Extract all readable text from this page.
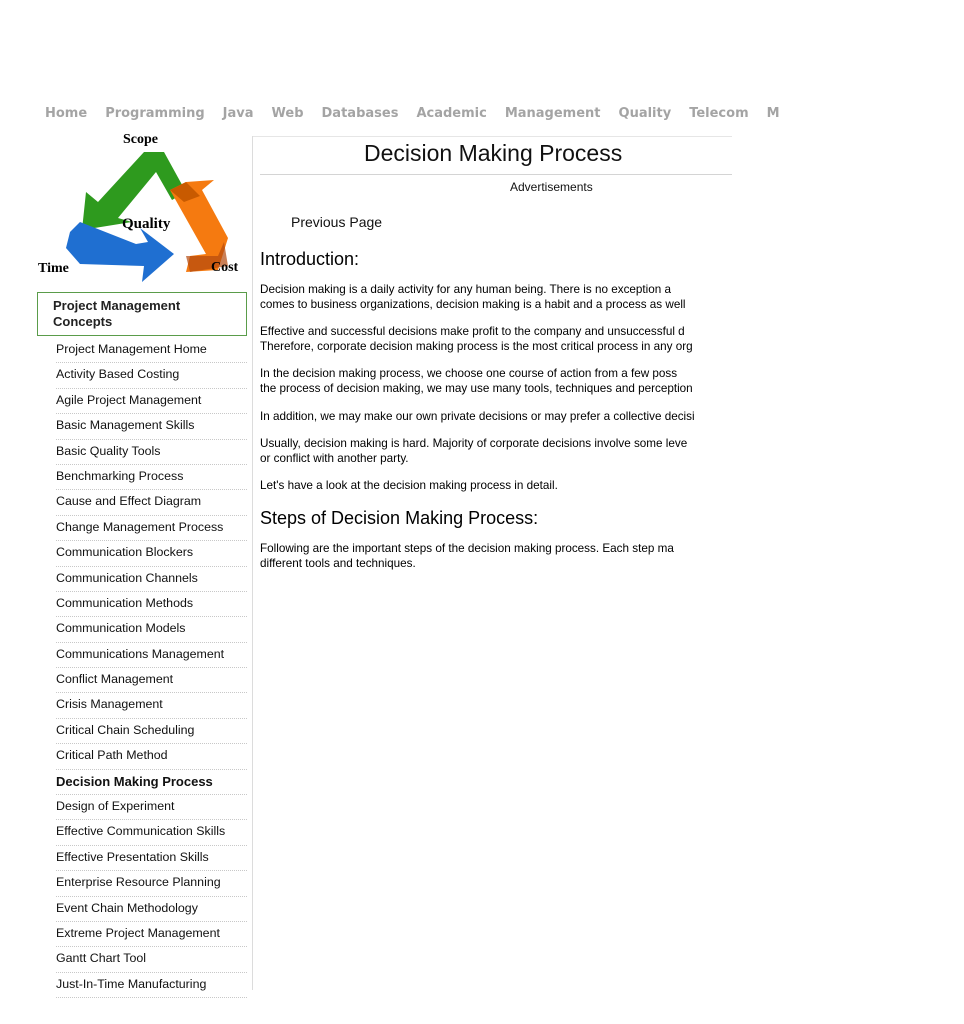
Home Programming Java Web Databases Academic Management Quality Telecom M
Scope
Quality
Time	Cost
Project Management Concepts
Project Management Home
Activity Based Costing
Agile Project Management
Basic Management Skills
Basic Quality Tools
Benchmarking Process
Cause and Effect Diagram
Change Management Process
Communication Blockers
Communication Channels
Communication Methods
Communication Models
Communications Management
Conflict Management
Crisis Management
Critical Chain Scheduling
Critical Path Method
Decision Making Process
Design of Experiment
Effective Communication Skills
Effective Presentation Skills
Enterprise Resource Planning
Event Chain Methodology
Extreme Project Management
Gantt Chart Tool
Just-In-Time Manufacturing
Decision Making Process
Advertisements
Previous Page
Introduction:
Decision making is a daily activity for any human being. There is no exception a
comes to business organizations, decision making is a habit and a process as well
Effective and successful decisions make profit to the company and unsuccessful d
Therefore, corporate decision making process is the most critical process in any org
In the decision making process, we choose one course of action from a few poss
the process of decision making, we may use many tools, techniques and perception
In addition, we may make our own private decisions or may prefer a collective decisi
Usually, decision making is hard. Majority of corporate decisions involve some leve
or conflict with another party.
Let's have a look at the decision making process in detail.
Steps of Decision Making Process:
Following are the important steps of the decision making process. Each step ma
different tools and techniques.
